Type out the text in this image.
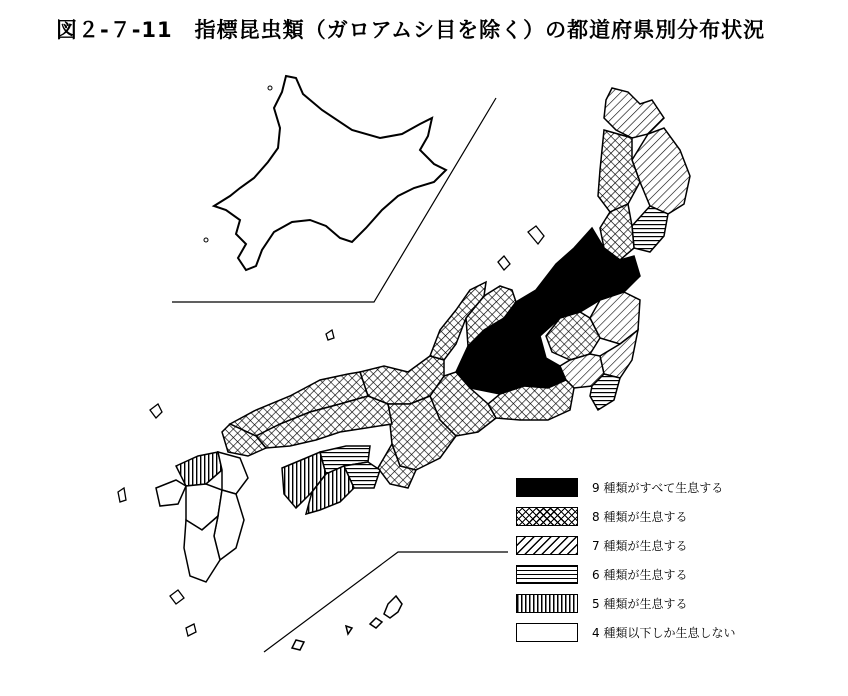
図２-７-11　指標昆虫類（ガロアムシ目を除く）の都道府県別分布状況
9 種類がすべて生息する
8 種類が生息する
7 種類が生息する
6 種類が生息する
5 種類が生息する
4 種類以下しか生息しない
